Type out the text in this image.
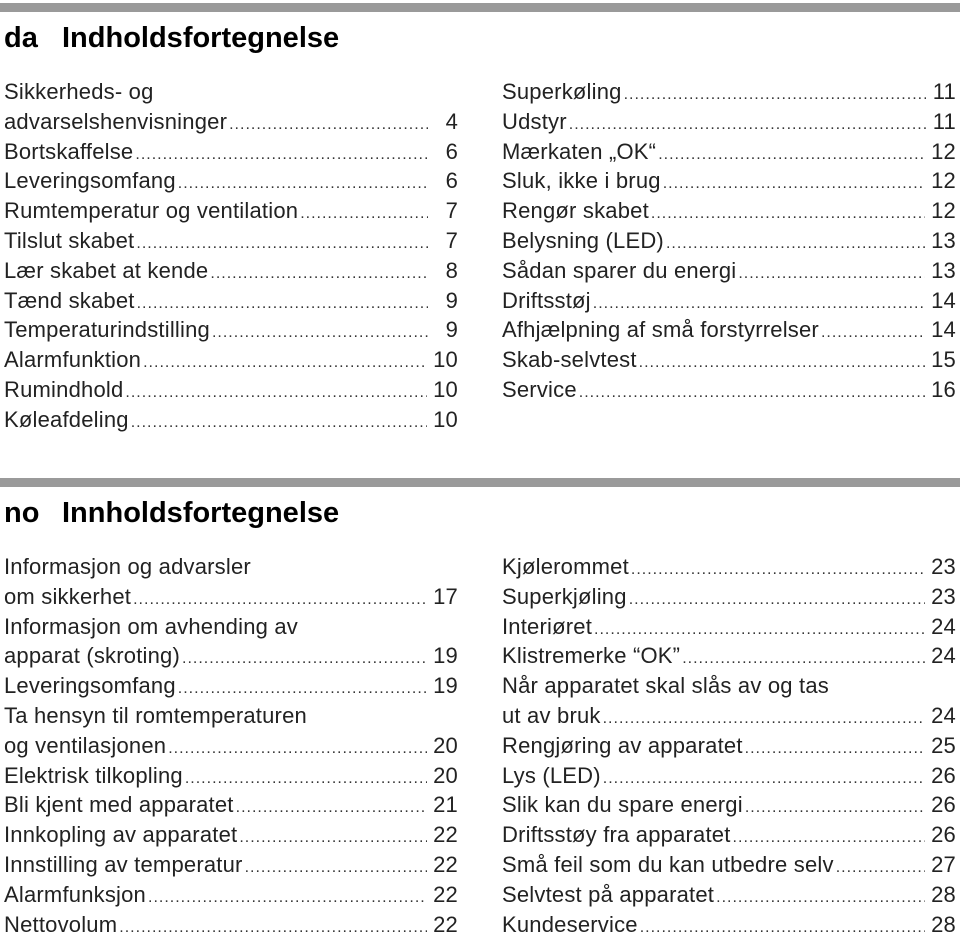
da Indholdsfortegnelse
Sikkerheds- og
advarselshenvisninger .....	4
Bortskaffelse .....	6
Leveringsomfang .....	6
Rumtemperatur og ventilation .....	7
Tilslut skabet .....	7
Lær skabet at kende .....	8
Tænd skabet .....	9
Temperaturindstilling .....	9
Alarmfunktion .....	10
Rumindhold .....	10
Køleafdeling .....	10
Superkøling .....	11
Udstyr .....	11
Mærkaten „OK“ .....	12
Sluk, ikke i brug .....	12
Rengør skabet .....	12
Belysning (LED) .....	13
Sådan sparer du energi .....	13
Driftsstøj .....	14
Afhjælpning af små forstyrrelser .....	14
Skab-selvtest .....	15
Service .....	16
no Innholdsfortegnelse
Informasjon og advarsler
om sikkerhet .....	17
Informasjon om avhending av
apparat (skroting) .....	19
Leveringsomfang .....	19
Ta hensyn til romtemperaturen
og ventilasjonen .....	20
Elektrisk tilkopling .....	20
Bli kjent med apparatet .....	21
Innkopling av apparatet .....	22
Innstilling av temperatur .....	22
Alarmfunksjon .....	22
Nettovolum .....	22
Kjølerommet .....	23
Superkjøling .....	23
Interiøret .....	24
Klistremerke “OK” .....	24
Når apparatet skal slås av og tas
ut av bruk .....	24
Rengjøring av apparatet .....	25
Lys (LED) .....	26
Slik kan du spare energi .....	26
Driftsstøy fra apparatet .....	26
Små feil som du kan utbedre selv .....	27
Selvtest på apparatet .....	28
Kundeservice .....	28
